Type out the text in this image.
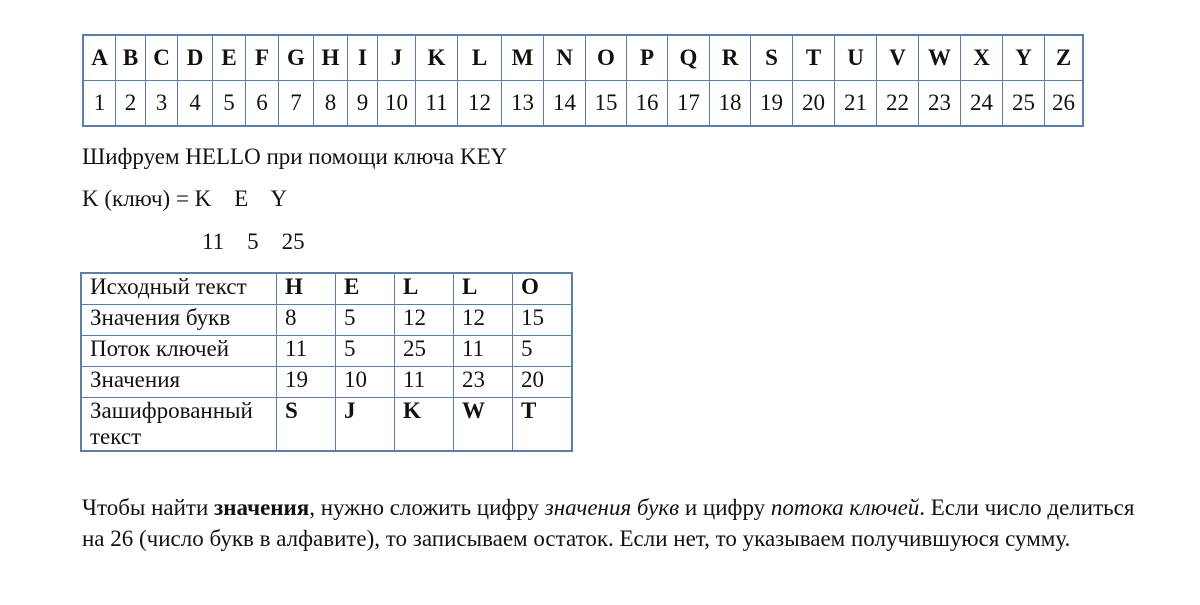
A	B	C	D	E	F	G	H	I	J	K	L	M	N	O	P	Q	R	S	T	U	V	W	X	Y	Z
1	2	3	4	5	6	7	8	9	10	11	12	13	14	15	16	17	18	19	20	21	22	23	24	25	26
Шифруем HELLO при помощи ключа KEY
K (ключ) = K    E    Y
11    5    25
Исходный текст	H	E	L	L	O
Значения букв	8	5	12	12	15
Поток ключей	11	5	25	11	5
Значения	19	10	11	23	20
Зашифрованный текст	S	J	K	W	T
Чтобы найти значения, нужно сложить цифру значения букв и цифру потока ключей. Если число делиться на 26 (число букв в алфавите), то записываем остаток. Если нет, то указываем получившуюся сумму.
